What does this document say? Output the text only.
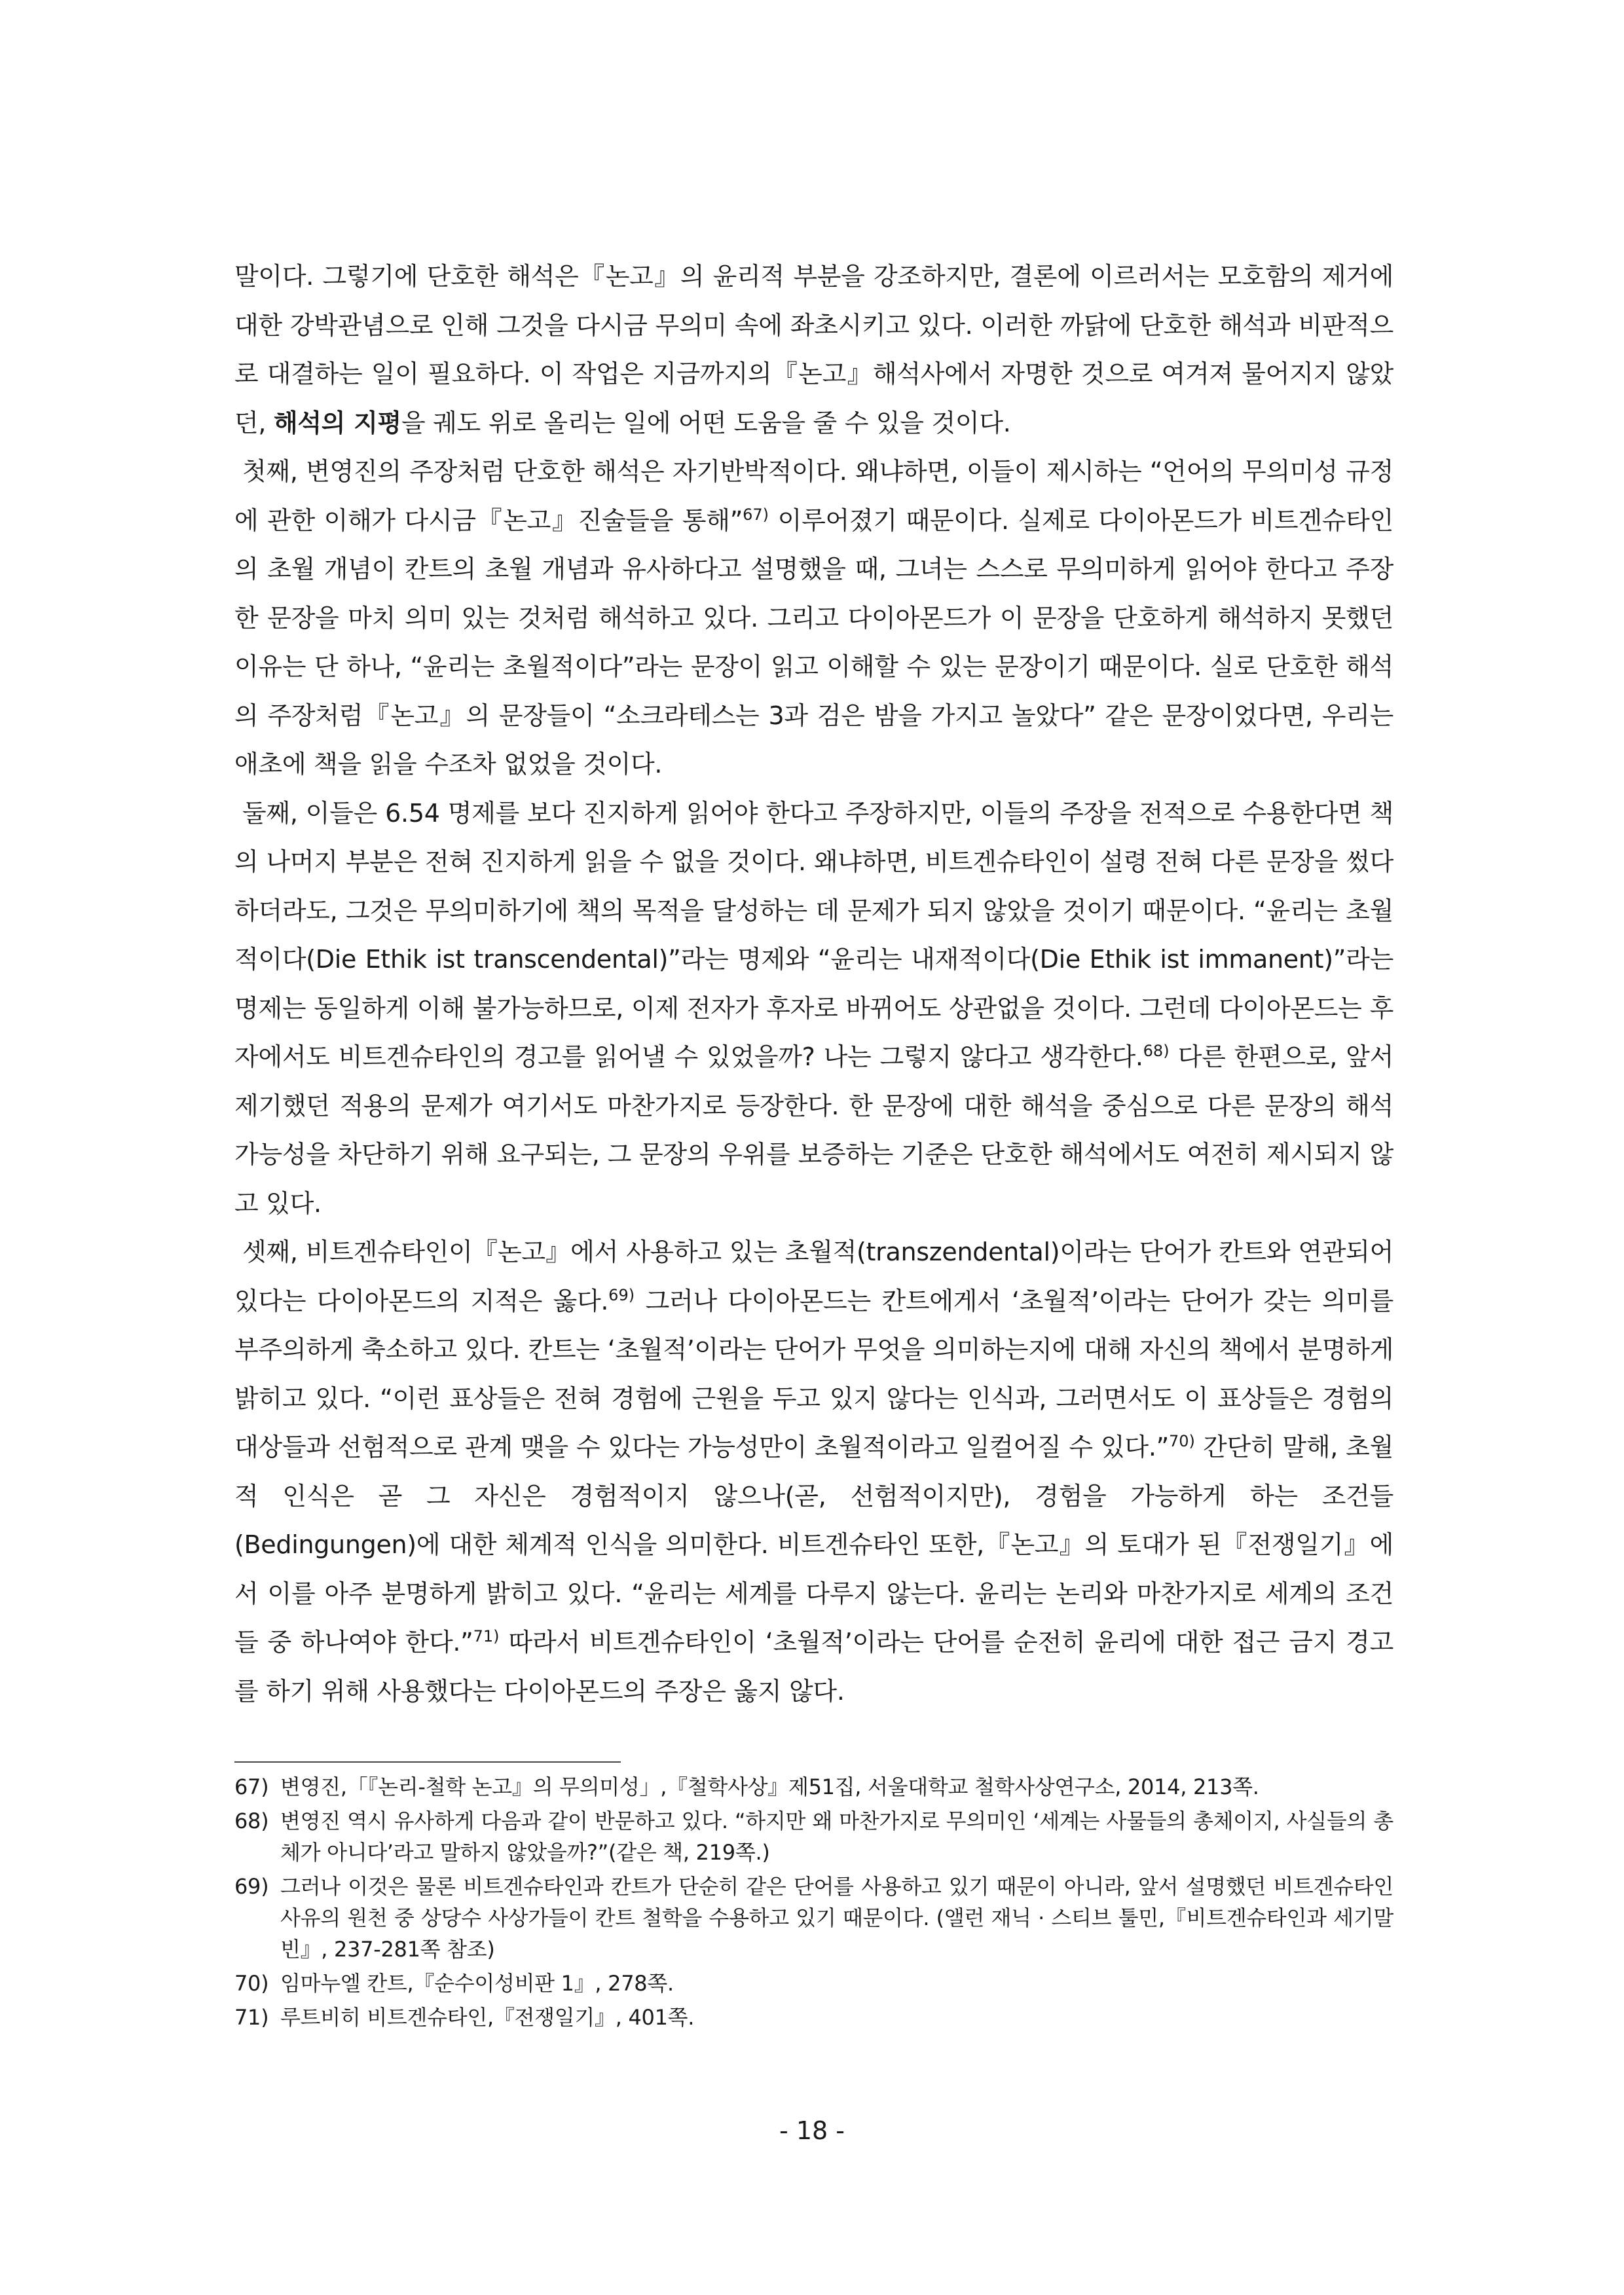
말이다. 그렇기에 단호한 해석은『논고』의 윤리적 부분을 강조하지만, 결론에 이르러서는 모호함의 제거에 대한 강박관념으로 인해 그것을 다시금 무의미 속에 좌초시키고 있다. 이러한 까닭에 단호한 해석과 비판적으로 대결하는 일이 필요하다. 이 작업은 지금까지의『논고』해석사에서 자명한 것으로 여겨져 물어지지 않았던, 해석의 지평을 궤도 위로 올리는 일에 어떤 도움을 줄 수 있을 것이다.

첫째, 변영진의 주장처럼 단호한 해석은 자기반박적이다. 왜냐하면, 이들이 제시하는 “언어의 무의미성 규정에 관한 이해가 다시금『논고』진술들을 통해”$^{67)}$ 이루어졌기 때문이다. 실제로 다이아몬드가 비트겐슈타인의 초월 개념이 칸트의 초월 개념과 유사하다고 설명했을 때, 그녀는 스스로 무의미하게 읽어야 한다고 주장한 문장을 마치 의미 있는 것처럼 해석하고 있다. 그리고 다이아몬드가 이 문장을 단호하게 해석하지 못했던 이유는 단 하나, “윤리는 초월적이다”라는 문장이 읽고 이해할 수 있는 문장이기 때문이다. 실로 단호한 해석의 주장처럼『논고』의 문장들이 “소크라테스는 3과 검은 밤을 가지고 놀았다” 같은 문장이었다면, 우리는 애초에 책을 읽을 수조차 없었을 것이다.

둘째, 이들은 6.54 명제를 보다 진지하게 읽어야 한다고 주장하지만, 이들의 주장을 전적으로 수용한다면 책의 나머지 부분은 전혀 진지하게 읽을 수 없을 것이다. 왜냐하면, 비트겐슈타인이 설령 전혀 다른 문장을 썼다 하더라도, 그것은 무의미하기에 책의 목적을 달성하는 데 문제가 되지 않았을 것이기 때문이다. “윤리는 초월적이다(Die Ethik ist transcendental)”라는 명제와 “윤리는 내재적이다(Die Ethik ist immanent)”라는 명제는 동일하게 이해 불가능하므로, 이제 전자가 후자로 바뀌어도 상관없을 것이다. 그런데 다이아몬드는 후자에서도 비트겐슈타인의 경고를 읽어낼 수 있었을까? 나는 그렇지 않다고 생각한다.$^{68)}$ 다른 한편으로, 앞서 제기했던 적용의 문제가 여기서도 마찬가지로 등장한다. 한 문장에 대한 해석을 중심으로 다른 문장의 해석 가능성을 차단하기 위해 요구되는, 그 문장의 우위를 보증하는 기준은 단호한 해석에서도 여전히 제시되지 않고 있다.

셋째, 비트겐슈타인이『논고』에서 사용하고 있는 초월적(transzendental)이라는 단어가 칸트와 연관되어 있다는 다이아몬드의 지적은 옳다.$^{69)}$ 그러나 다이아몬드는 칸트에게서 ‘초월적’이라는 단어가 갖는 의미를 부주의하게 축소하고 있다. 칸트는 ‘초월적’이라는 단어가 무엇을 의미하는지에 대해 자신의 책에서 분명하게 밝히고 있다. “이런 표상들은 전혀 경험에 근원을 두고 있지 않다는 인식과, 그러면서도 이 표상들은 경험의 대상들과 선험적으로 관계 맺을 수 있다는 가능성만이 초월적이라고 일컬어질 수 있다.”$^{70)}$ 간단히 말해, 초월적 인식은 곧 그 자신은 경험적이지 않으나(곧, 선험적이지만), 경험을 가능하게 하는 조건들(Bedingungen)에 대한 체계적 인식을 의미한다. 비트겐슈타인 또한,『논고』의 토대가 된『전쟁일기』에서 이를 아주 분명하게 밝히고 있다. “윤리는 세계를 다루지 않는다. 윤리는 논리와 마찬가지로 세계의 조건들 중 하나여야 한다.”$^{71)}$ 따라서 비트겐슈타인이 ‘초월적’이라는 단어를 순전히 윤리에 대한 접근 금지 경고를 하기 위해 사용했다는 다이아몬드의 주장은 옳지 않다.

67) 변영진,「『논리-철학 논고』의 무의미성」,『철학사상』제51집, 서울대학교 철학사상연구소, 2014, 213쪽.
68) 변영진 역시 유사하게 다음과 같이 반문하고 있다. “하지만 왜 마찬가지로 무의미인 ‘세계는 사물들의 총체이지, 사실들의 총체가 아니다’라고 말하지 않았을까?”(같은 책, 219쪽.)
69) 그러나 이것은 물론 비트겐슈타인과 칸트가 단순히 같은 단어를 사용하고 있기 때문이 아니라, 앞서 설명했던 비트겐슈타인 사유의 원천 중 상당수 사상가들이 칸트 철학을 수용하고 있기 때문이다. (앨런 재닉 · 스티브 툴민,『비트겐슈타인과 세기말 빈』, 237-281쪽 참조)
70) 임마누엘 칸트,『순수이성비판 1』, 278쪽.
71) 루트비히 비트겐슈타인,『전쟁일기』, 401쪽.
- 18 -
